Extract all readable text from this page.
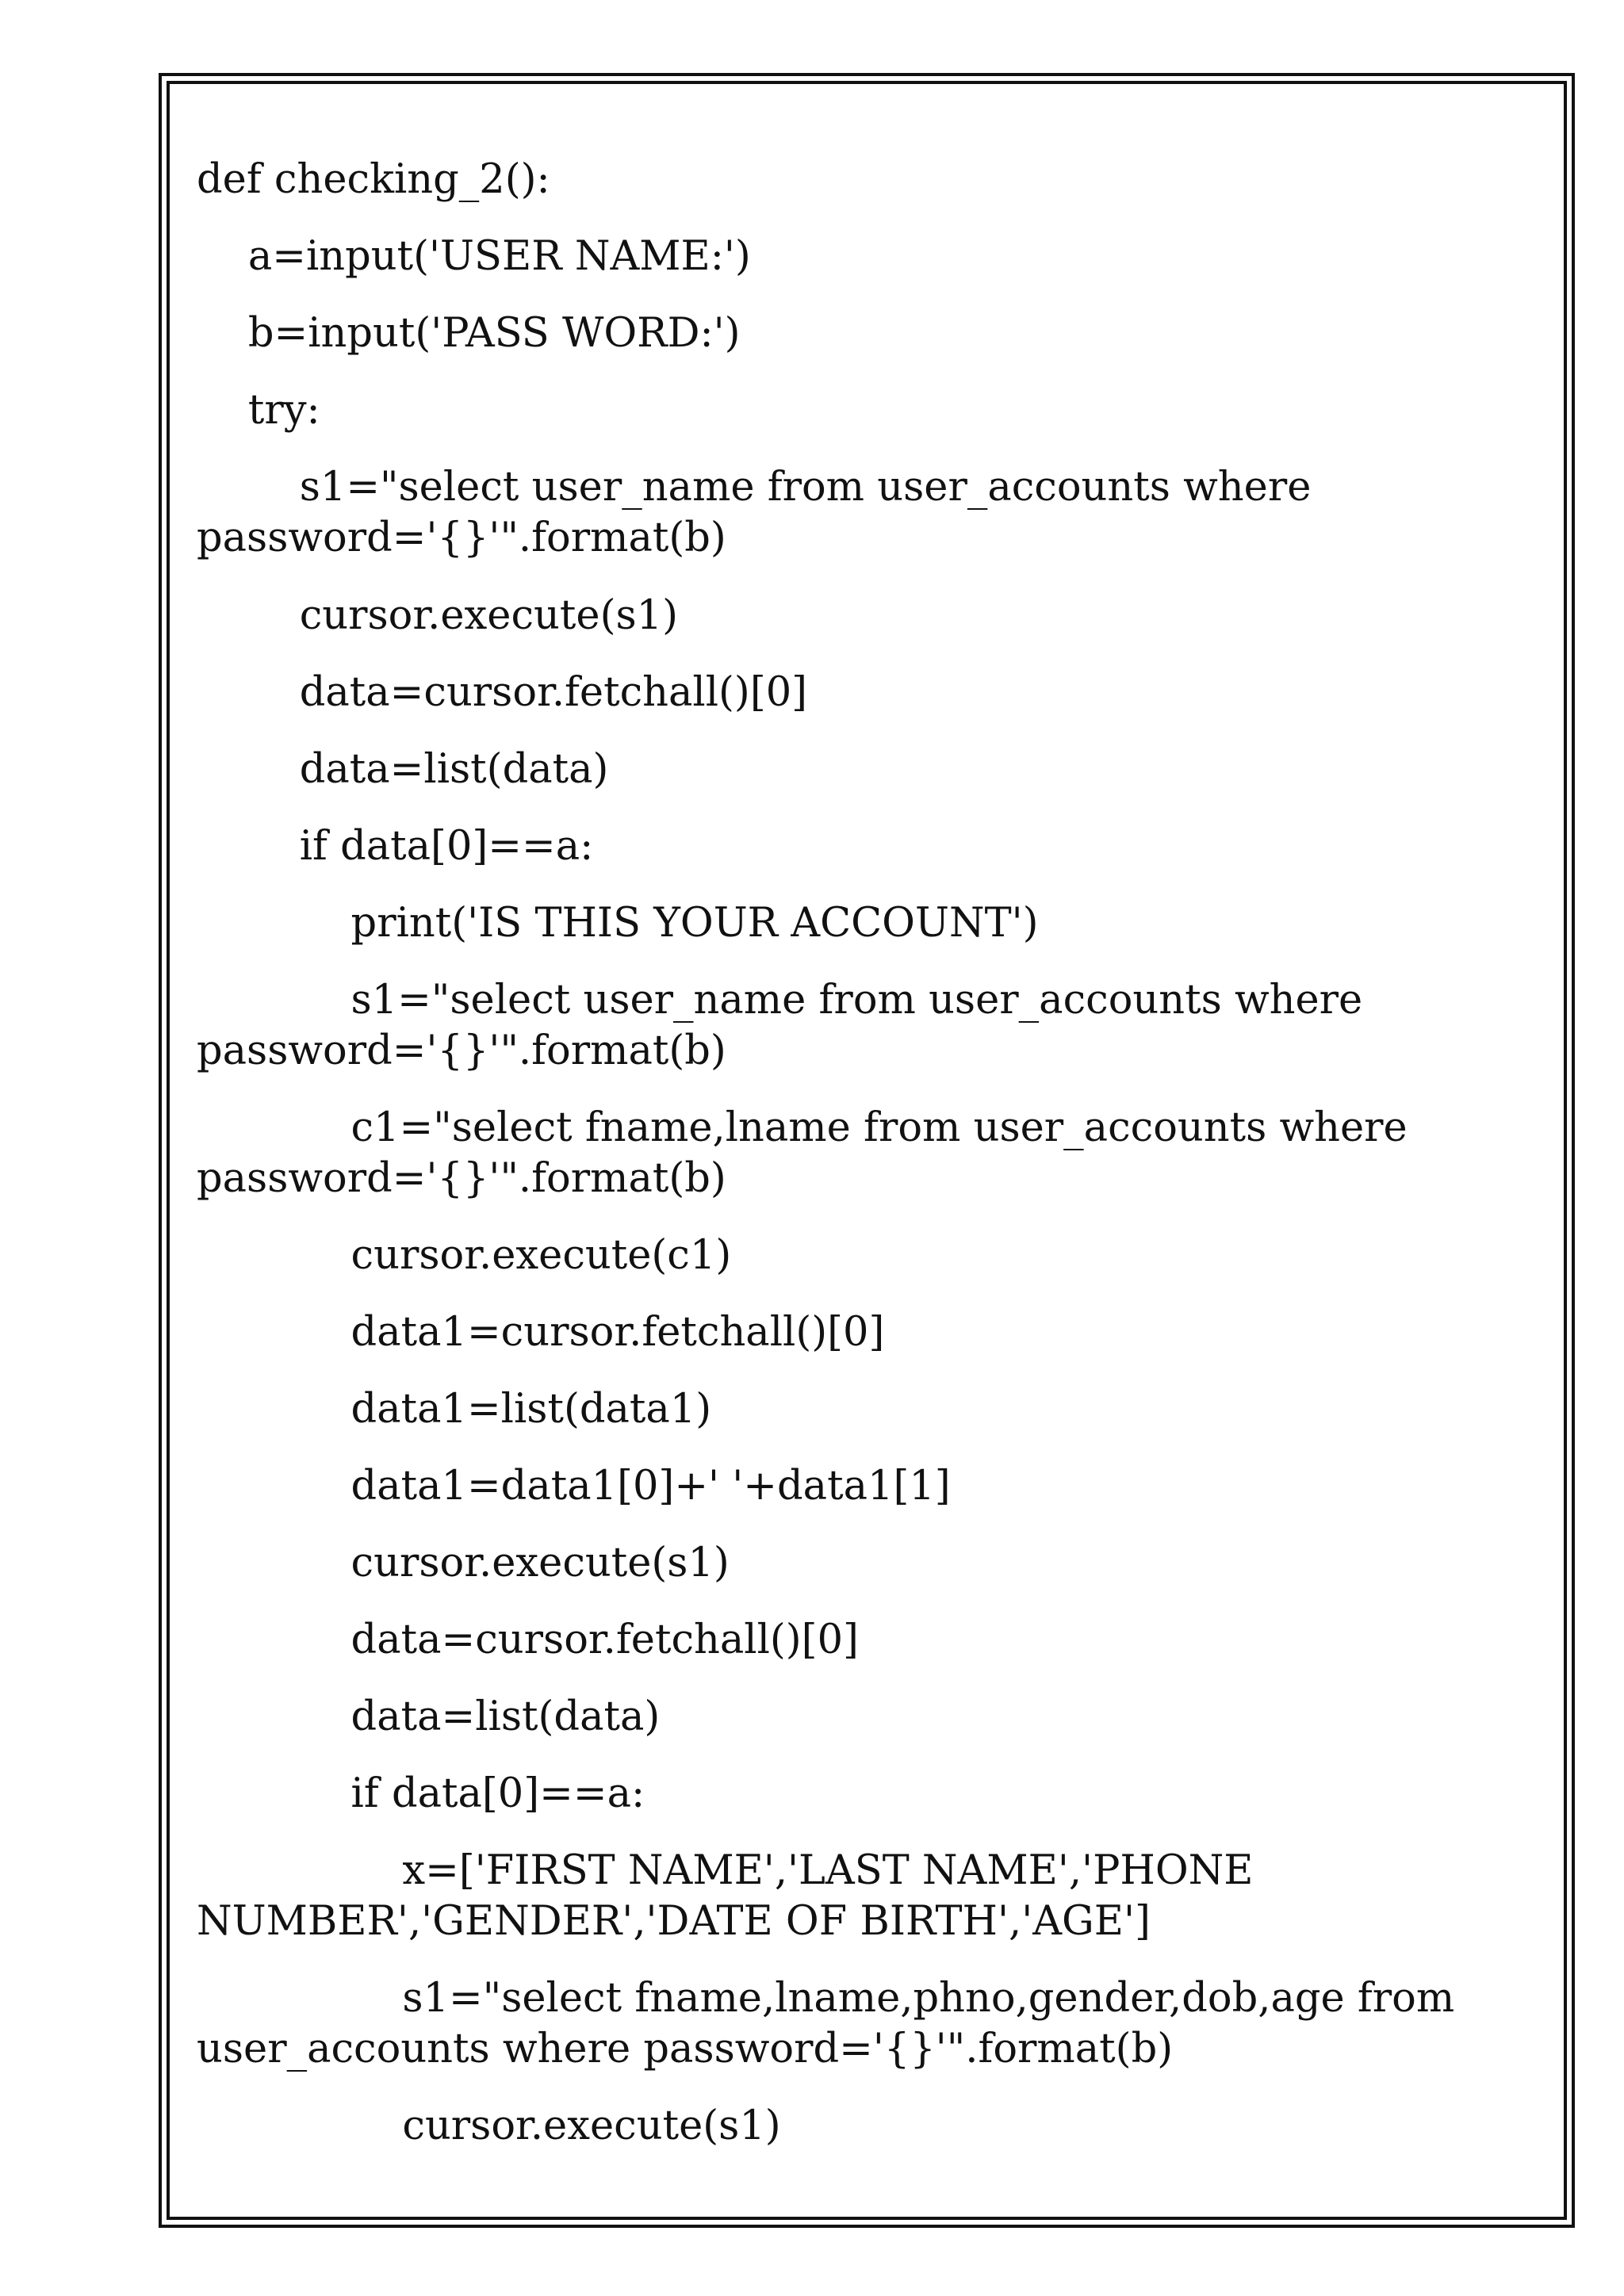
def checking_2():
a=input('USER NAME:')
b=input('PASS WORD:')
try:
s1="select user_name from user_accounts where
password='{}'".format(b)
cursor.execute(s1)
data=cursor.fetchall()[0]
data=list(data)
if data[0]==a:
print('IS THIS YOUR ACCOUNT')
s1="select user_name from user_accounts where
password='{}'".format(b)
c1="select fname,lname from user_accounts where
password='{}'".format(b)
cursor.execute(c1)
data1=cursor.fetchall()[0]
data1=list(data1)
data1=data1[0]+' '+data1[1]
cursor.execute(s1)
data=cursor.fetchall()[0]
data=list(data)
if data[0]==a:
x=['FIRST NAME','LAST NAME','PHONE
NUMBER','GENDER','DATE OF BIRTH','AGE']
s1="select fname,lname,phno,gender,dob,age from
user_accounts where password='{}'".format(b)
cursor.execute(s1)
